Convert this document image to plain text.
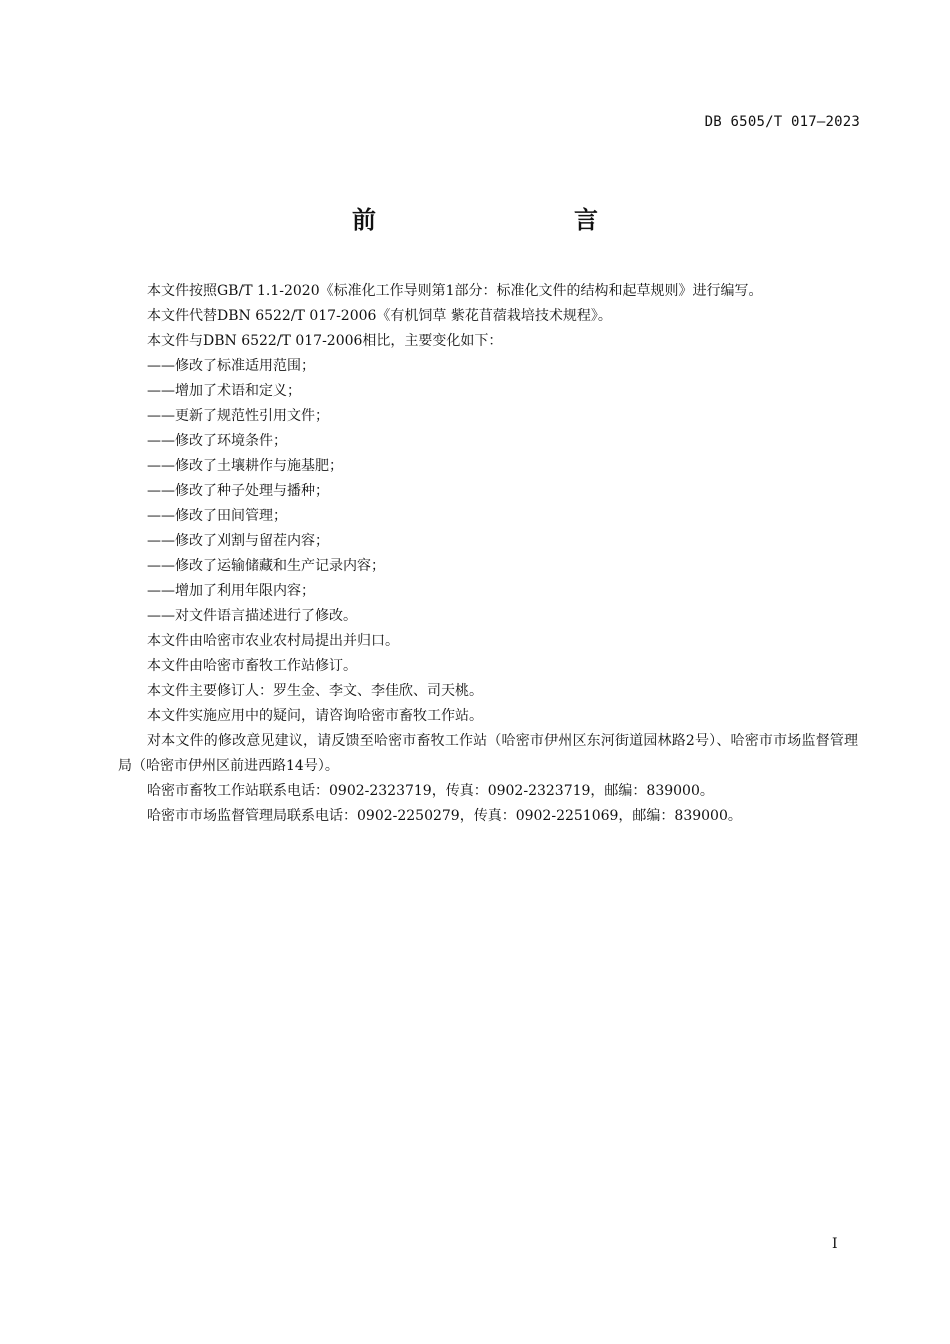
DB 6505/T 017—2023
前　　言

本文件按照GB/T 1.1-2020《标准化工作导则第1部分：标准化文件的结构和起草规则》进行编写。

本文件代替DBN 6522/T 017-2006《有机饲草 紫花苜蓿栽培技术规程》。

本文件与DBN 6522/T 017-2006相比，主要变化如下：

——修改了标准适用范围；
——增加了术语和定义；
——更新了规范性引用文件；
——修改了环境条件；
——修改了土壤耕作与施基肥；
——修改了种子处理与播种；
——修改了田间管理；
——修改了刈割与留茬内容；
——修改了运输储藏和生产记录内容；
——增加了利用年限内容；
——对文件语言描述进行了修改。

本文件由哈密市农业农村局提出并归口。

本文件由哈密市畜牧工作站修订。

本文件主要修订人：罗生金、李文、李佳欣、司天桃。

本文件实施应用中的疑问，请咨询哈密市畜牧工作站。

对本文件的修改意见建议，请反馈至哈密市畜牧工作站（哈密市伊州区东河街道园林路2号）、哈密市市场监督管理局（哈密市伊州区前进西路14号）。

哈密市畜牧工作站联系电话：0902-2323719，传真：0902-2323719，邮编：839000。

哈密市市场监督管理局联系电话：0902-2250279，传真：0902-2251069，邮编：839000。

I
